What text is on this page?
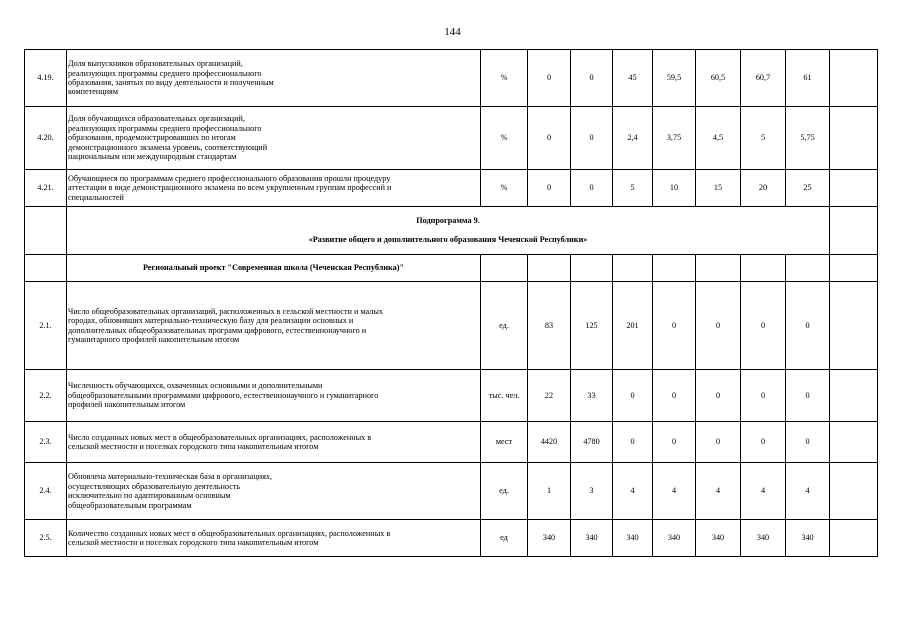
144
4.19.	Доля выпускников образовательных организаций,
реализующих программы среднего профессионального
образования, занятых по виду деятельности и полученным
компетенциям	%	0	0	45	59,5	60,5	60,7	61	
4.20.	Доля обучающихся образовательных организаций,
реализующих программы среднего профессионального
образования, продемонстрировавших по итогам
демонстрационного экзамена уровень, соответствующий
национальным или международным стандартам	%	0	0	2,4	3,75	4,5	5	5,75	
4.21.	Обучающиеся по программам среднего профессионального образования прошли процедуру
аттестации в виде демонстрационного экзамена по всем укрупненным группам профессий и
специальностей	%	0	0	5	10	15	20	25	

	Подпрограмма 9.

«Развитие общего и дополнительного образования Чеченской Республики»									

	Региональный проект "Современная школа (Чеченская Республика)"									
2.1.	Число общеобразовательных организаций, расположенных в сельской местности и малых
городах, обновивших материально-техническую базу для реализации основных и
дополнительных общеобразовательных программ цифрового, естественнонаучного и
гуманитарного профилей накопительным итогом	ед.	83	125	201	0	0	0	0	
2.2.	Численность обучающихся, охваченных основными и дополнительными
общеобразовательными программами цифрового, естественнонаучного и гуманитарного
профилей накопительным итогом	тыс. чел.	22	33	0	0	0	0	0	
2.3.	Число созданных новых мест в общеобразовательных организациях, расположенных в
сельской местности и поселках городского типа накопительным итогом	мест	4420	4780	0	0	0	0	0	
2.4.	Обновлена материально-техническая база в организациях,
осуществляющих образовательную деятельность
исключительно по адаптированным основным
общеобразовательным программам	ед.	1	3	4	4	4	4	4	
2.5.	Количество созданных новых мест в общеобразовательных организациях, расположенных в
сельской местности и поселках городского типа накопительным итогом	ед	340	340	340	340	340	340	340	
